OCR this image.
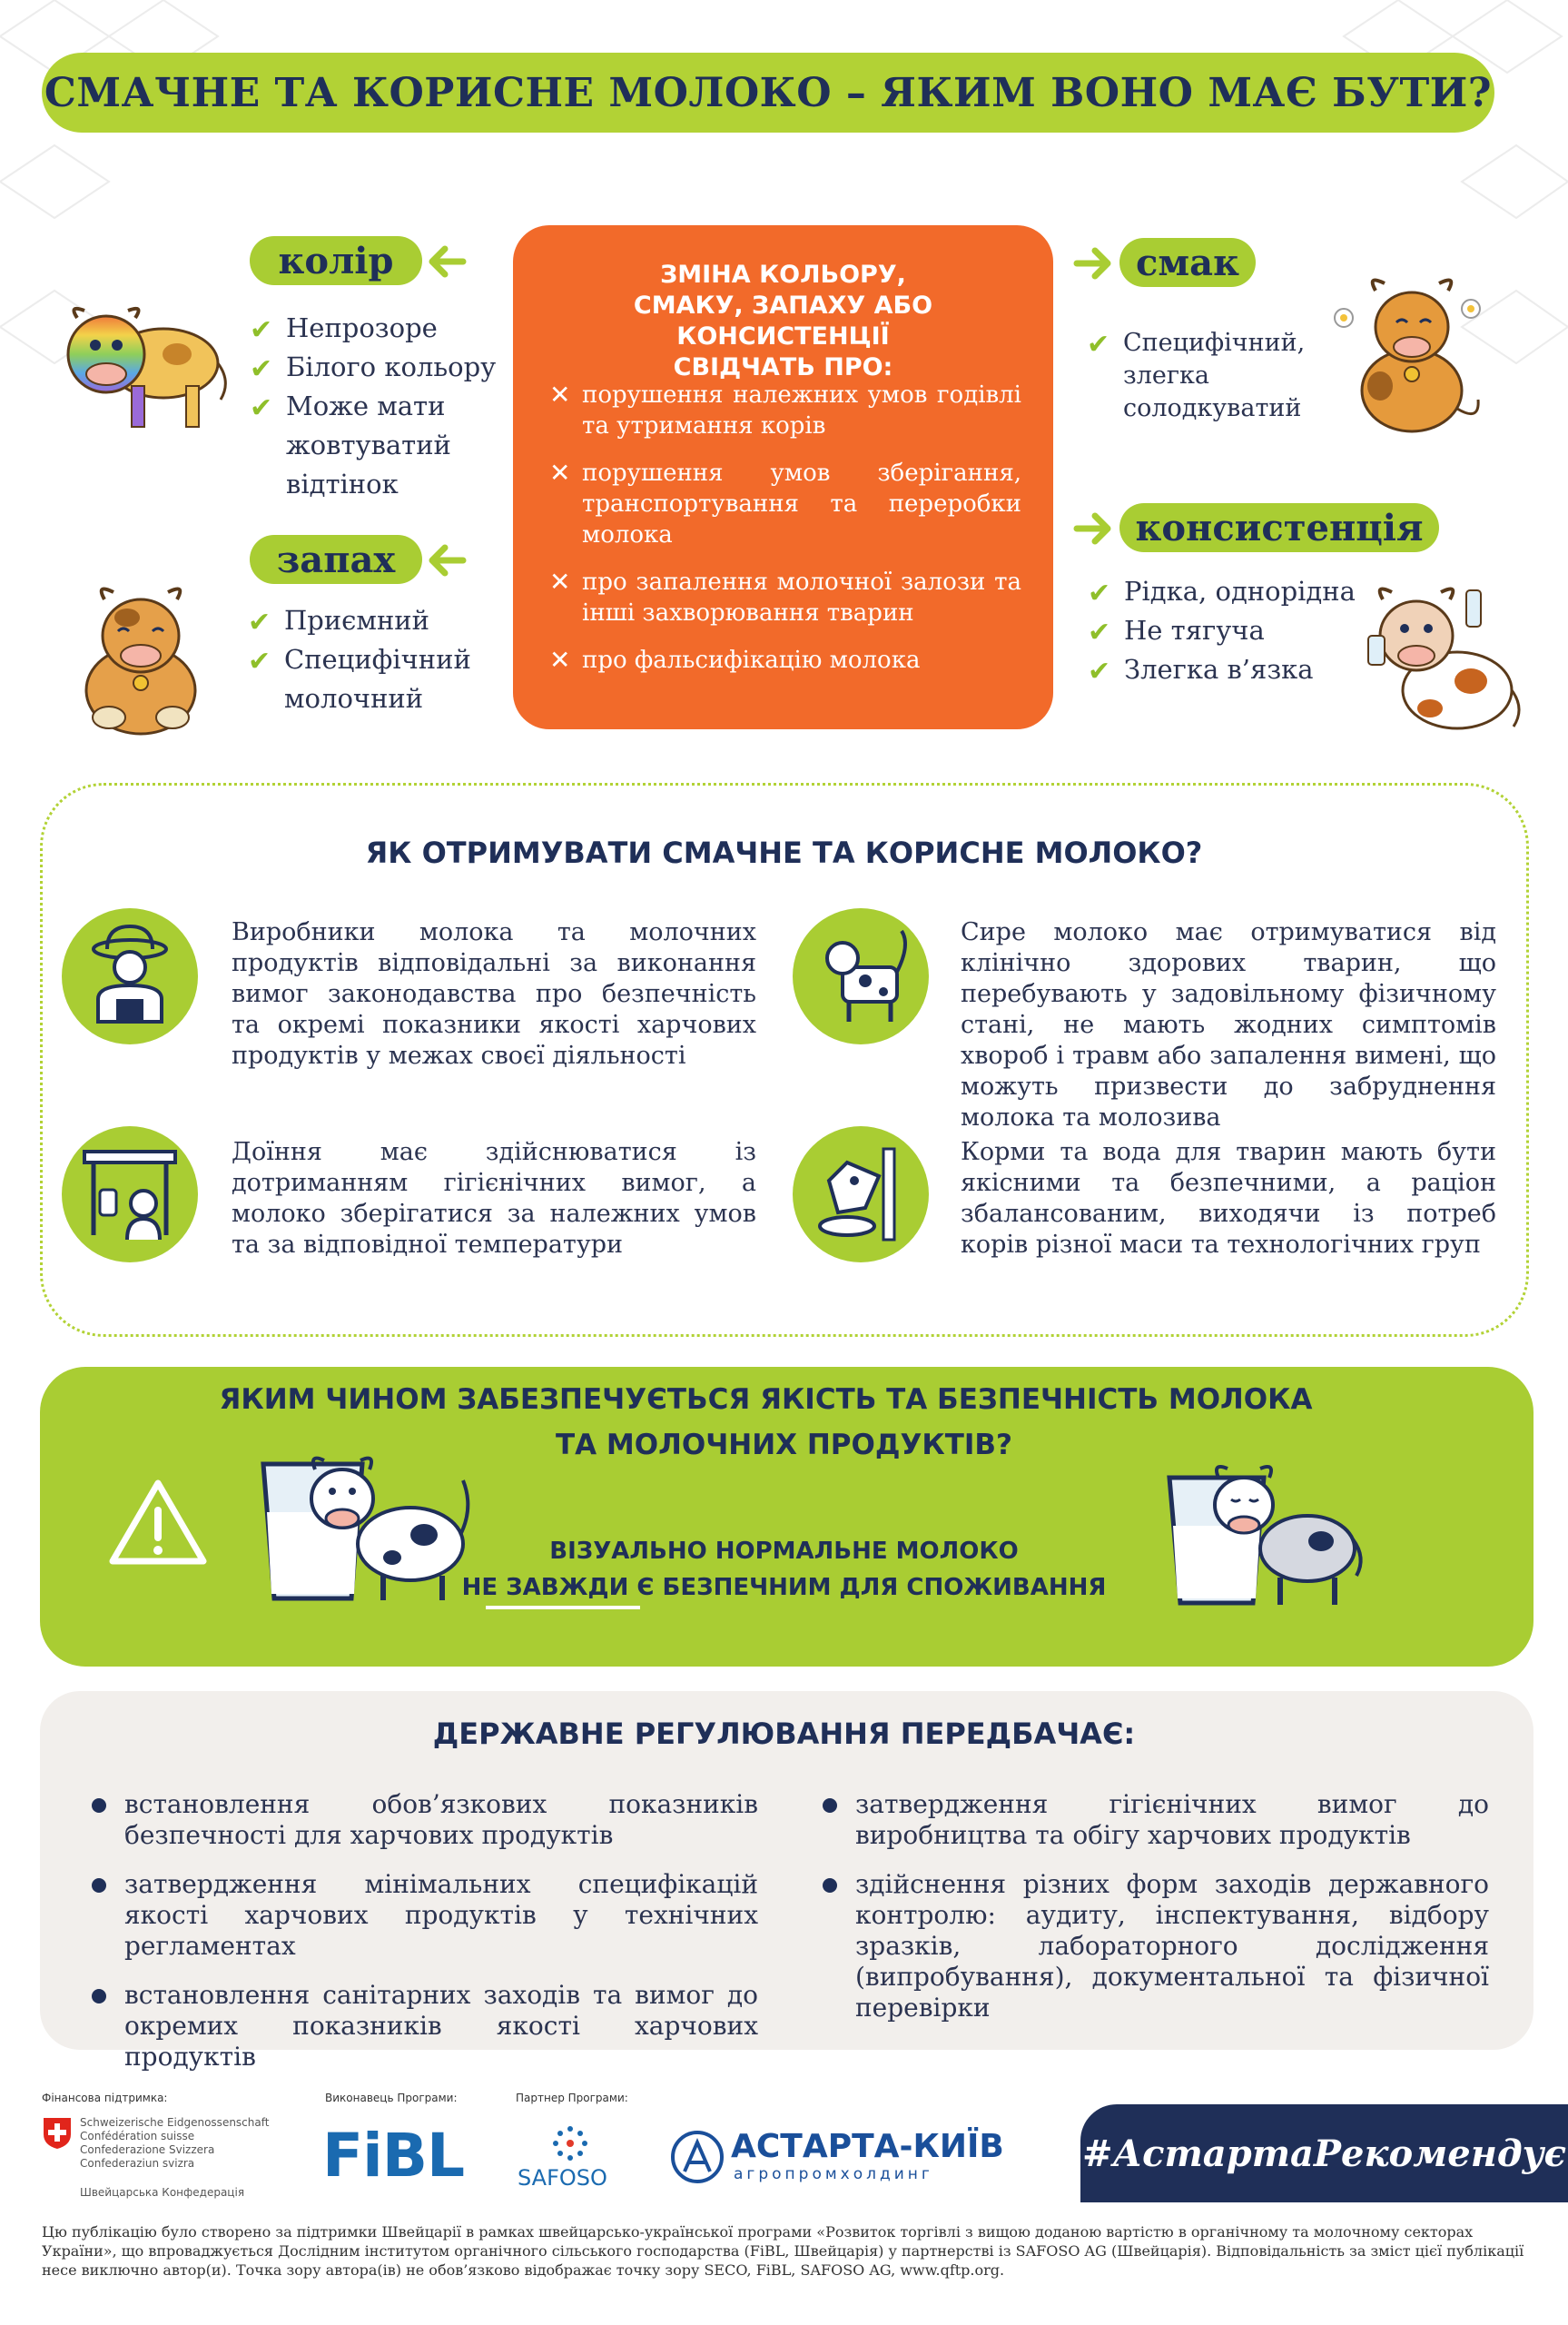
СМАЧНЕ ТА КОРИСНЕ МОЛОКО – ЯКИМ ВОНО МАЄ БУТИ?
колір
✔ Непрозоре
✔ Білого кольору
✔ Може мати жовтуватий відтінок
запах
✔ Приємний
✔ Специфічний молочний
ЗМІНА КОЛЬОРУ, СМАКУ, ЗАПАХУ АБО КОНСИСТЕНЦІЇ СВІДЧАТЬ ПРО:
✕ порушення належних умов годівлі та утримання корів
✕ порушення умов зберігання, транспортування та переробки молока
✕ про запалення молочної залози та інші захворювання тварин
✕ про фальсифікацію молока
смак
✔ Специфічний, злегка солодкуватий
консистенція
✔ Рідка, однорідна
✔ Не тягуча
✔ Злегка в’язка
ЯК ОТРИМУВАТИ СМАЧНЕ ТА КОРИСНЕ МОЛОКО?
Виробники молока та молочних продуктів відповідальні за виконання вимог законодавства про безпечність та окремі показники якості харчових продуктів у межах своєї діяльності
Сире молоко має отримуватися від клінічно здорових тварин, що перебувають у задовільному фізичному стані, не мають жодних симптомів хвороб і травм або запалення вимені, що можуть призвести до забруднення молока та молозива
Доїння має здійснюватися із дотриманням гігієнічних вимог, а молоко зберігатися за належних умов та за відповідної температури
Корми та вода для тварин мають бути якісними та безпечними, а раціон збалансованим, виходячи із потреб корів різної маси та технологічних груп
ЯКИМ ЧИНОМ ЗАБЕЗПЕЧУЄТЬСЯ ЯКІСТЬ ТА БЕЗПЕЧНІСТЬ МОЛОКА
ТА МОЛОЧНИХ ПРОДУКТІВ?
ВІЗУАЛЬНО НОРМАЛЬНЕ МОЛОКО
НЕ ЗАВЖДИ Є БЕЗПЕЧНИМ ДЛЯ СПОЖИВАННЯ
ДЕРЖАВНЕ РЕГУЛЮВАННЯ ПЕРЕДБАЧАЄ:
встановлення обов’язкових показників безпечності для харчових продуктів
затвердження мінімальних специфікацій якості харчових продуктів у технічних регламентах
встановлення санітарних заходів та вимог до окремих показників якості харчових продуктів
затвердження гігієнічних вимог до виробництва та обігу харчових продуктів
здійснення різних форм заходів державного контролю: аудиту, інспектування, відбору зразків, лабораторного дослідження (випробування), документальної та фізичної перевірки
Фінансова підтримка:
Schweizerische Eidgenossenschaft
Confédération suisse
Confederazione Svizzera
Confederaziun svizra
Швейцарська Конфедерація
Виконавець Програми:
FiBL
Партнер Програми:
SAFOSO
АСТАРТА-КИЇВ
агропромхолдинг	#АстартаРекомендує
Цю публікацію було створено за підтримки Швейцарії в рамках швейцарсько-української програми «Розвиток торгівлі з вищою доданою вартістю в органічному та молочному секторах України», що впроваджується Дослідним інститутом органічного сільського господарства (FiBL, Швейцарія) у партнерстві із SAFOSO AG (Швейцарія). Відповідальність за зміст цієї публікації несе виключно автор(и). Точка зору автора(ів) не обов’язково відображає точку зору SECO, FiBL, SAFOSO AG, www.qftp.org.
